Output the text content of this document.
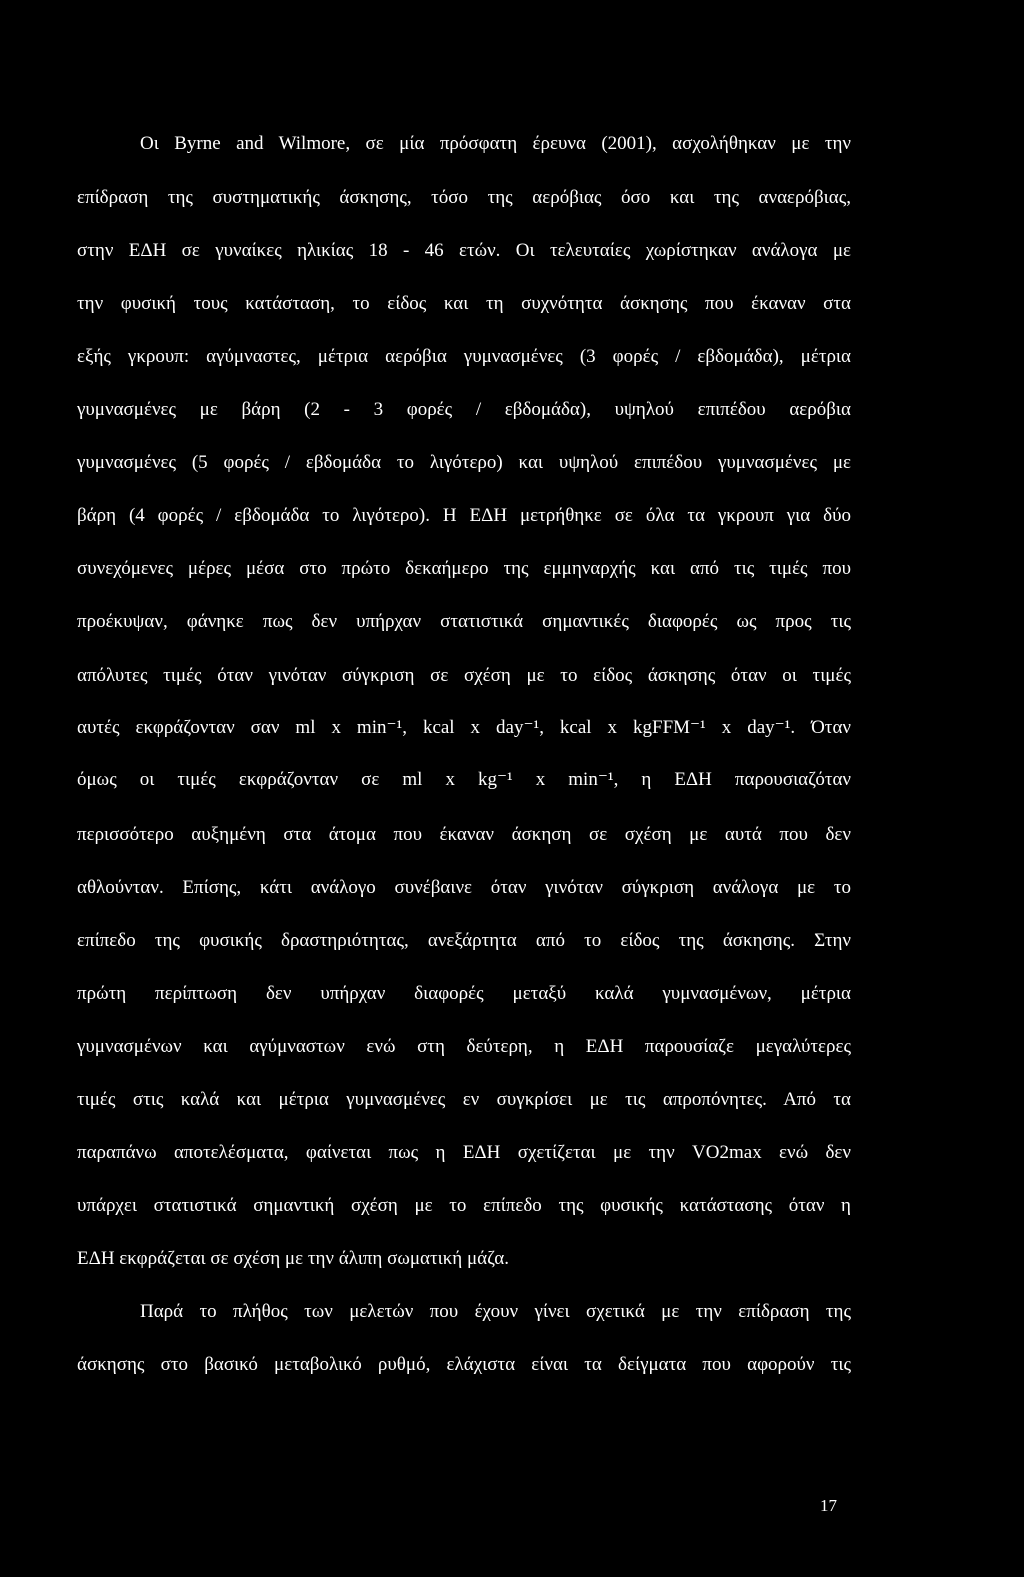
Οι Byrne and Wilmore, σε μία πρόσφατη έρευνα (2001), ασχολήθηκαν με την
επίδραση της συστηματικής άσκησης, τόσο της αερόβιας όσο και της αναερόβιας,
στην ΕΔΗ σε γυναίκες ηλικίας 18 - 46 ετών. Οι τελευταίες χωρίστηκαν ανάλογα με
την φυσική τους κατάσταση, το είδος και τη συχνότητα άσκησης που έκαναν στα
εξής γκρουπ: αγύμναστες, μέτρια αερόβια γυμνασμένες (3 φορές / εβδομάδα), μέτρια
γυμνασμένες με βάρη (2 - 3 φορές / εβδομάδα), υψηλού επιπέδου αερόβια
γυμνασμένες (5 φορές / εβδομάδα το λιγότερο) και υψηλού επιπέδου γυμνασμένες με
βάρη (4 φορές / εβδομάδα το λιγότερο). Η ΕΔΗ μετρήθηκε σε όλα τα γκρουπ για δύο
συνεχόμενες μέρες μέσα στο πρώτο δεκαήμερο της εμμηναρχής και από τις τιμές που
προέκυψαν, φάνηκε πως δεν υπήρχαν στατιστικά σημαντικές διαφορές ως προς τις
απόλυτες τιμές όταν γινόταν σύγκριση σε σχέση με το είδος άσκησης όταν οι τιμές
αυτές εκφράζονταν σαν ml x min⁻¹, kcal x day⁻¹, kcal x kgFFM⁻¹ x day⁻¹. Όταν
όμως οι τιμές εκφράζονταν σε ml x kg⁻¹ x min⁻¹, η ΕΔΗ παρουσιαζόταν
περισσότερο αυξημένη στα άτομα που έκαναν άσκηση σε σχέση με αυτά που δεν
αθλούνταν. Επίσης, κάτι ανάλογο συνέβαινε όταν γινόταν σύγκριση ανάλογα με το
επίπεδο της φυσικής δραστηριότητας, ανεξάρτητα από το είδος της άσκησης. Στην
πρώτη περίπτωση δεν υπήρχαν διαφορές μεταξύ καλά γυμνασμένων, μέτρια
γυμνασμένων και αγύμναστων ενώ στη δεύτερη, η ΕΔΗ παρουσίαζε μεγαλύτερες
τιμές στις καλά και μέτρια γυμνασμένες εν συγκρίσει με τις απροπόνητες. Από τα
παραπάνω αποτελέσματα, φαίνεται πως η ΕΔΗ σχετίζεται με την VO2max ενώ δεν
υπάρχει στατιστικά σημαντική σχέση με το επίπεδο της φυσικής κατάστασης όταν η
ΕΔΗ εκφράζεται σε σχέση με την άλιπη σωματική μάζα.
Παρά το πλήθος των μελετών που έχουν γίνει σχετικά με την επίδραση της
άσκησης στο βασικό μεταβολικό ρυθμό, ελάχιστα είναι τα δείγματα που αφορούν τις
17
